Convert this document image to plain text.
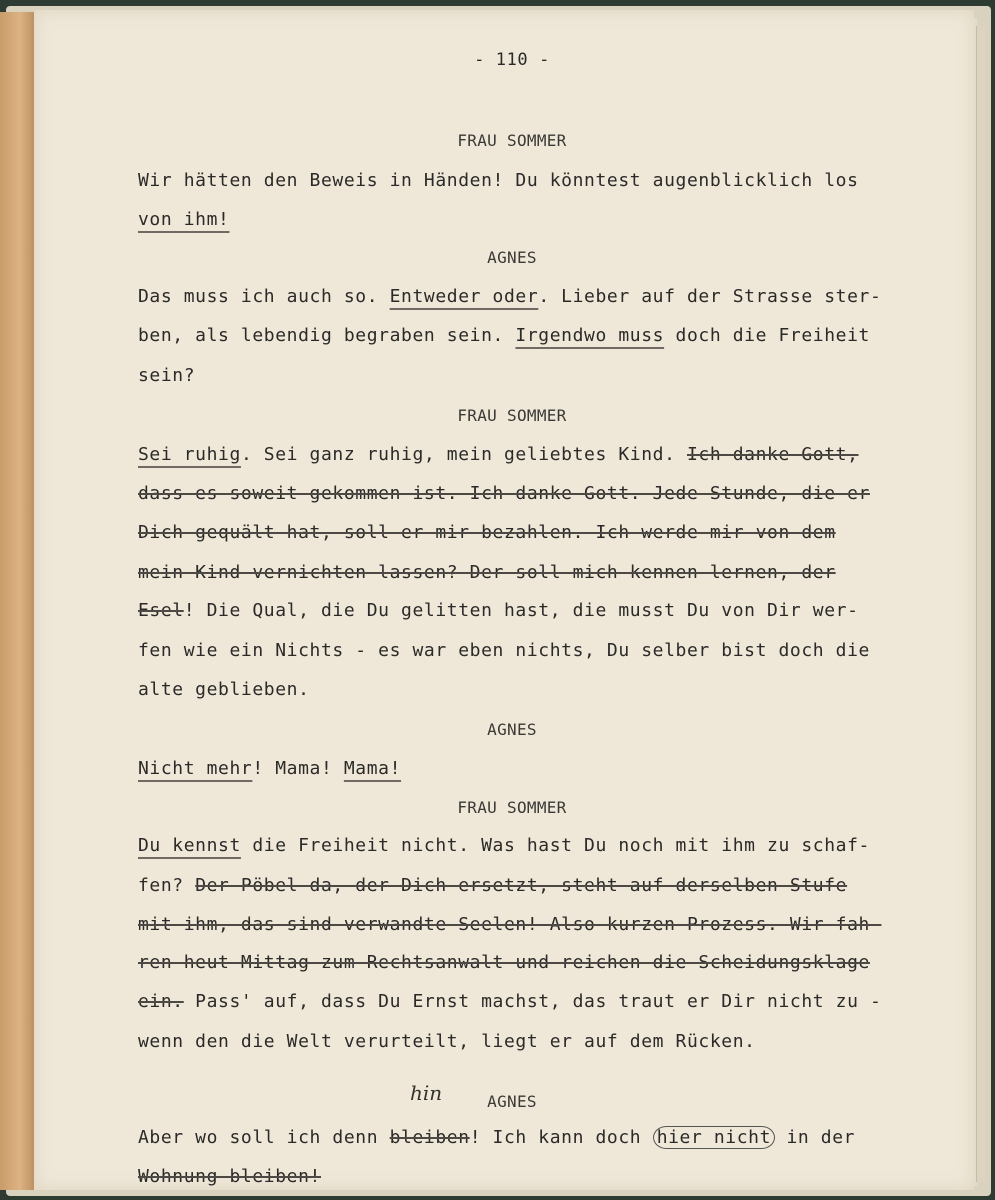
- 110 -
FRAU SOMMER
Wir hätten den Beweis in Händen! Du könntest augenblicklich los
von ihm!
AGNES
Das muss ich auch so. Entweder oder. Lieber auf der Strasse ster-
ben, als lebendig begraben sein. Irgendwo muss doch die Freiheit
sein?
FRAU SOMMER
Sei ruhig. Sei ganz ruhig, mein geliebtes Kind. Ich danke Gott,
dass es soweit gekommen ist. Ich danke Gott. Jede Stunde, die er
Dich gequält hat, soll er mir bezahlen. Ich werde mir von dem
mein Kind vernichten lassen? Der soll mich kennen lernen, der
Esel! Die Qual, die Du gelitten hast, die musst Du von Dir wer-
fen wie ein Nichts - es war eben nichts, Du selber bist doch die
alte geblieben.
AGNES
Nicht mehr! Mama! Mama!
FRAU SOMMER
Du kennst die Freiheit nicht. Was hast Du noch mit ihm zu schaf-
fen? Der Pöbel da, der Dich ersetzt, steht auf derselben Stufe
mit ihm, das sind verwandte Seelen! Also kurzen Prozess. Wir fah-
ren heut Mittag zum Rechtsanwalt und reichen die Scheidungsklage
ein. Pass' auf, dass Du Ernst machst, das traut er Dir nicht zu -
wenn den die Welt verurteilt, liegt er auf dem Rücken.
AGNES
hin
Aber wo soll ich denn bleiben! Ich kann doch hier nicht in der
Wohnung bleiben!
